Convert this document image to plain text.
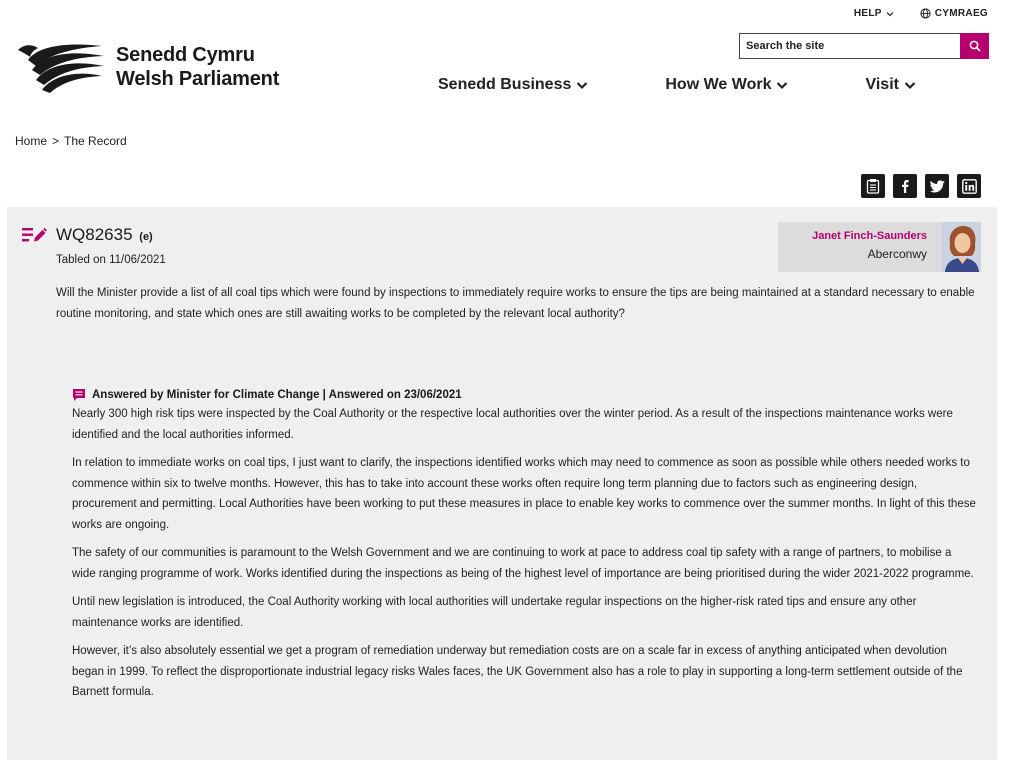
HELP	CYMRAEG
Senedd Cymru
Welsh Parliament
Search the site	Senedd Business	How We Work	Visit
Home > The Record
WQ82635 (e)
Tabled on 11/06/2021
Will the Minister provide a list of all coal tips which were found by inspections to immediately require works to ensure the tips are being maintained at a standard necessary to enable routine monitoring, and state which ones are still awaiting works to be completed by the relevant local authority?
Janet Finch-Saunders
Aberconwy
Answered by Minister for Climate Change | Answered on 23/06/2021

Nearly 300 high risk tips were inspected by the Coal Authority or the respective local authorities over the winter period. As a result of the inspections maintenance works were identified and the local authorities informed.

In relation to immediate works on coal tips, I just want to clarify, the inspections identified works which may need to commence as soon as possible while others needed works to commence within six to twelve months. However, this has to take into account these works often require long term planning due to factors such as engineering design, procurement and permitting. Local Authorities have been working to put these measures in place to enable key works to commence over the summer months. In light of this these works are ongoing.

The safety of our communities is paramount to the Welsh Government and we are continuing to work at pace to address coal tip safety with a range of partners, to mobilise a wide ranging programme of work. Works identified during the inspections as being of the highest level of importance are being prioritised during the wider 2021-2022 programme.

Until new legislation is introduced, the Coal Authority working with local authorities will undertake regular inspections on the higher-risk rated tips and ensure any other maintenance works are identified.

However, it’s also absolutely essential we get a program of remediation underway but remediation costs are on a scale far in excess of anything anticipated when devolution began in 1999. To reflect the disproportionate industrial legacy risks Wales faces, the UK Government also has a role to play in supporting a long-term settlement outside of the Barnett formula.
